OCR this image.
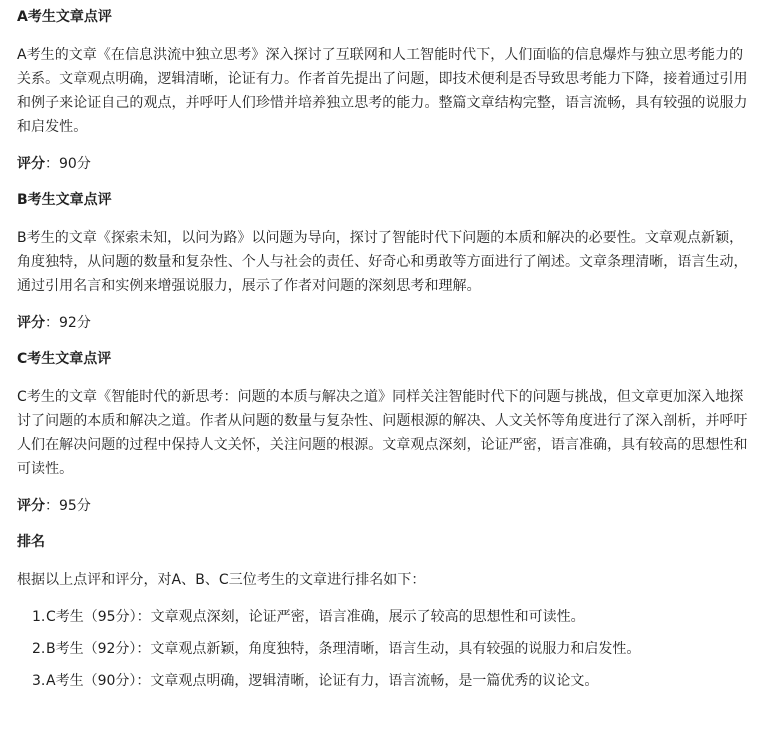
A考生文章点评
A考生的文章《在信息洪流中独立思考》深入探讨了互联网和人工智能时代下，人们面临的信息爆炸与独立思考能力的关系。文章观点明确，逻辑清晰，论证有力。作者首先提出了问题，即技术便利是否导致思考能力下降，接着通过引用和例子来论证自己的观点，并呼吁人们珍惜并培养独立思考的能力。整篇文章结构完整，语言流畅，具有较强的说服力和启发性。
评分：90分
B考生文章点评
B考生的文章《探索未知，以问为路》以问题为导向，探讨了智能时代下问题的本质和解决的必要性。文章观点新颖，角度独特，从问题的数量和复杂性、个人与社会的责任、好奇心和勇敢等方面进行了阐述。文章条理清晰，语言生动，通过引用名言和实例来增强说服力，展示了作者对问题的深刻思考和理解。
评分：92分
C考生文章点评
C考生的文章《智能时代的新思考：问题的本质与解决之道》同样关注智能时代下的问题与挑战，但文章更加深入地探讨了问题的本质和解决之道。作者从问题的数量与复杂性、问题根源的解决、人文关怀等角度进行了深入剖析，并呼吁人们在解决问题的过程中保持人文关怀，关注问题的根源。文章观点深刻，论证严密，语言准确，具有较高的思想性和可读性。
评分：95分
排名
根据以上点评和评分，对A、B、C三位考生的文章进行排名如下：
1. C考生（95分）：文章观点深刻，论证严密，语言准确，展示了较高的思想性和可读性。
2. B考生（92分）：文章观点新颖，角度独特，条理清晰，语言生动，具有较强的说服力和启发性。
3. A考生（90分）：文章观点明确，逻辑清晰，论证有力，语言流畅，是一篇优秀的议论文。
